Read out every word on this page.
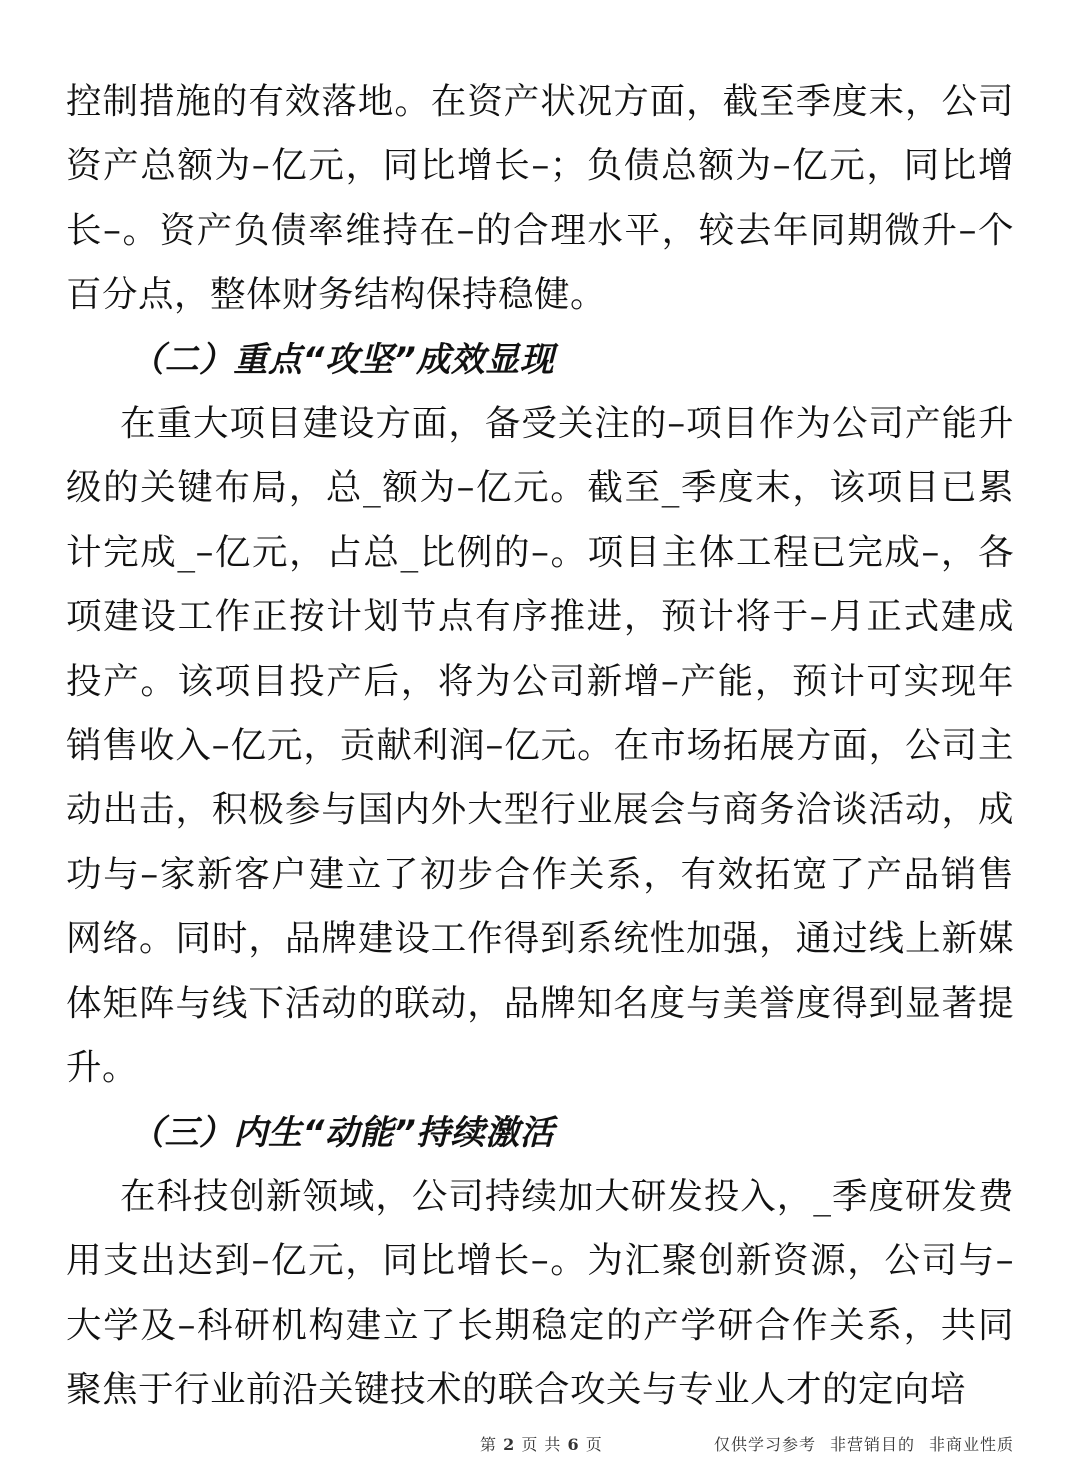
控制措施的有效落地。在资产状况方面，截至季度末，公司资产总额为–亿元，同比增长–；负债总额为–亿元，同比增长–。资产负债率维持在–的合理水平，较去年同期微升–个百分点，整体财务结构保持稳健。

（二）重点“攻坚”成效显现

在重大项目建设方面，备受关注的–项目作为公司产能升级的关键布局，总_额为–亿元。截至_季度末，该项目已累计完成_–亿元，占总_比例的–。项目主体工程已完成–，各项建设工作正按计划节点有序推进，预计将于–月正式建成投产。该项目投产后，将为公司新增–产能，预计可实现年销售收入–亿元，贡献利润–亿元。在市场拓展方面，公司主动出击，积极参与国内外大型行业展会与商务洽谈活动，成功与–家新客户建立了初步合作关系，有效拓宽了产品销售网络。同时，品牌建设工作得到系统性加强，通过线上新媒体矩阵与线下活动的联动，品牌知名度与美誉度得到显著提升。

（三）内生“动能”持续激活

在科技创新领域，公司持续加大研发投入，_季度研发费用支出达到–亿元，同比增长–。为汇聚创新资源，公司与–大学及–科研机构建立了长期稳定的产学研合作关系，共同聚焦于行业前沿关键技术的联合攻关与专业人才的定向培

第 2 页 共 6 页	仅供学习参考 非营销目的 非商业性质
